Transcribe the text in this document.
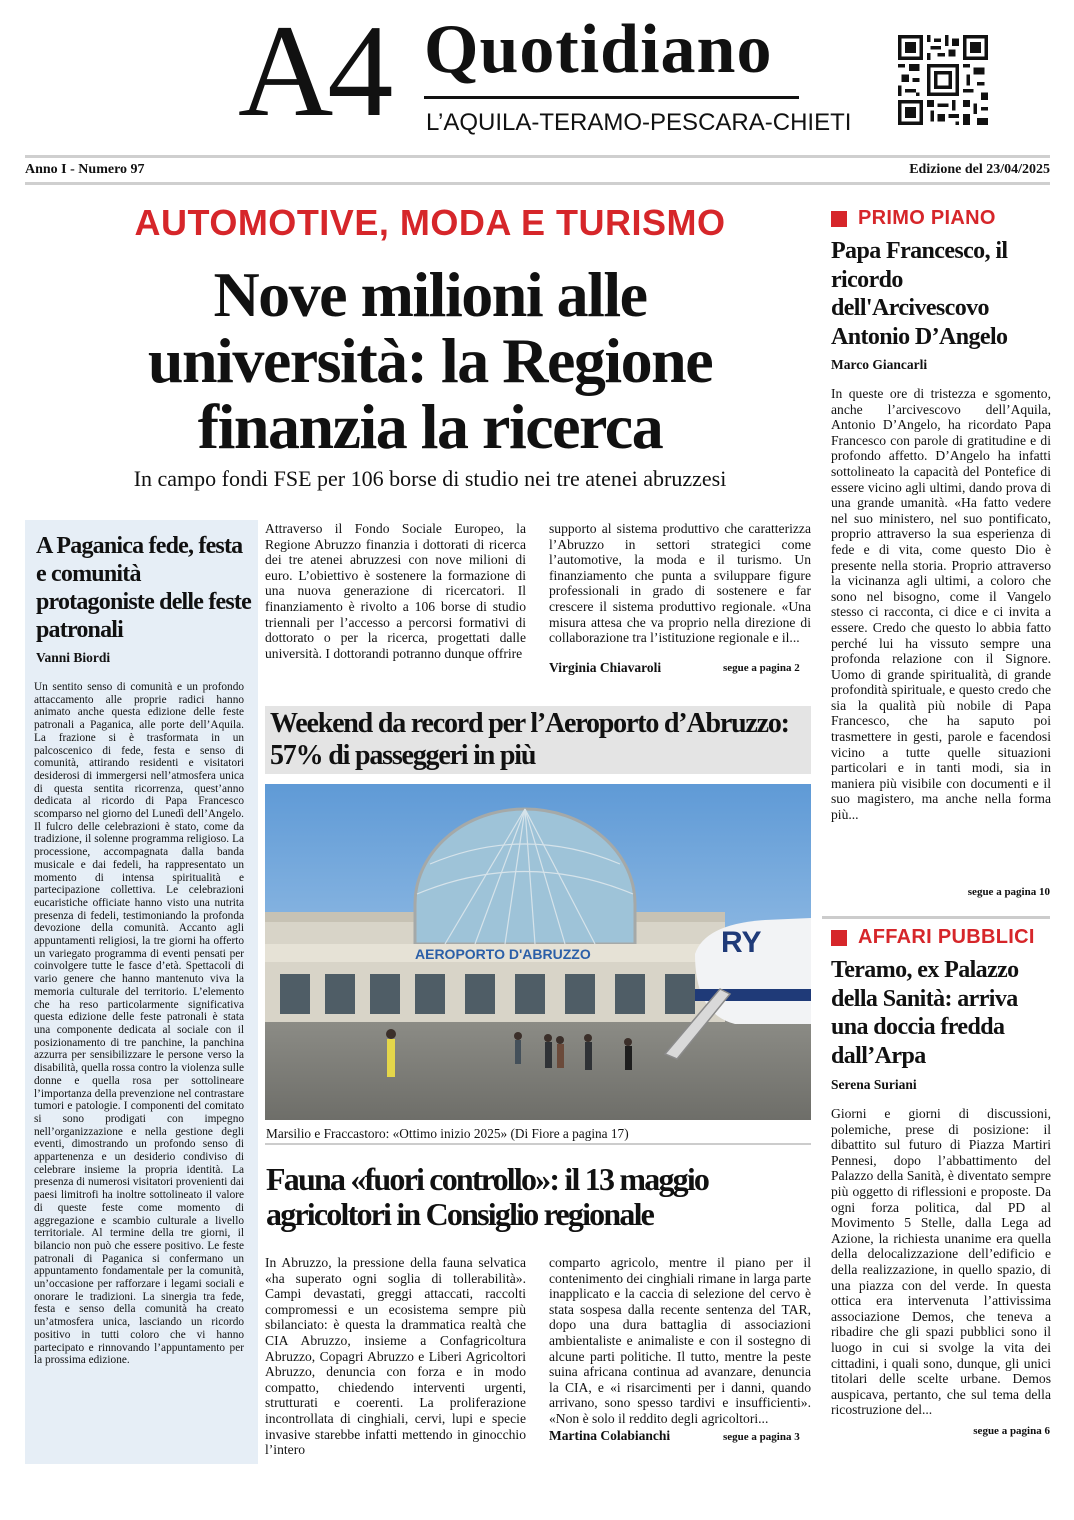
A4 Quotidiano
L’AQUILA-TERAMO-PESCARA-CHIETI
Anno I - Numero 97	Edizione del 23/04/2025
AUTOMOTIVE, MODA E TURISMO
Nove milioni alle università: la Regione finanzia la ricerca
In campo fondi FSE per 106 borse di studio nei tre atenei abruzzesi
Attraverso il Fondo Sociale Europeo, la Regione Abruzzo finanzia i dottorati di ricerca dei tre atenei abruzzesi con nove milioni di euro. L’obiettivo è sostenere la formazione di una nuova generazione di ricercatori. Il finanziamento è rivolto a 106 borse di studio triennali per l’accesso a percorsi formativi di dottorato o per la ricerca, progettati dalle università. I dottorandi potranno dunque offrire
supporto al sistema produttivo che caratterizza l’Abruzzo in settori strategici come l’automotive, la moda e il turismo. Un finanziamento che punta a sviluppare figure professionali in grado di sostenere e far crescere il sistema produttivo regionale. «Una misura attesa che va proprio nella direzione di collaborazione tra l’istituzione regionale e il...
Virginia Chiavaroli	segue a pagina 2
A Paganica fede, festa e comunità protagoniste delle feste patronali
Vanni Biordi
Un sentito senso di comunità e un profondo attaccamento alle proprie radici hanno animato anche questa edizione delle feste patronali a Paganica, alle porte dell’Aquila. La frazione si è trasformata in un palcoscenico di fede, festa e senso di comunità, attirando residenti e visitatori desiderosi di immergersi nell’atmosfera unica di questa sentita ricorrenza, quest’anno dedicata al ricordo di Papa Francesco scomparso nel giorno del Lunedì dell’Angelo. Il fulcro delle celebrazioni è stato, come da tradizione, il solenne programma religioso. La processione, accompagnata dalla banda musicale e dai fedeli, ha rappresentato un momento di intensa spiritualità e partecipazione collettiva. Le celebrazioni eucaristiche officiate hanno visto una nutrita presenza di fedeli, testimoniando la profonda devozione della comunità. Accanto agli appuntamenti religiosi, la tre giorni ha offerto un variegato programma di eventi pensati per coinvolgere tutte le fasce d’età. Spettacoli di vario genere che hanno mantenuto viva la memoria culturale del territorio. L’elemento che ha reso particolarmente significativa questa edizione delle feste patronali è stata una componente dedicata al sociale con il posizionamento di tre panchine, la panchina azzurra per sensibilizzare le persone verso la disabilità, quella rossa contro la violenza sulle donne e quella rosa per sottolineare l’importanza della prevenzione nel contrastare tumori e patologie. I componenti del comitato si sono prodigati con impegno nell’organizzazione e nella gestione degli eventi, dimostrando un profondo senso di appartenenza e un desiderio condiviso di celebrare insieme la propria identità. La presenza di numerosi visitatori provenienti dai paesi limitrofi ha inoltre sottolineato il valore di queste feste come momento di aggregazione e scambio culturale a livello territoriale. Al termine della tre giorni, il bilancio non può che essere positivo. Le feste patronali di Paganica si confermano un appuntamento fondamentale per la comunità, un’occasione per rafforzare i legami sociali e onorare le tradizioni. La sinergia tra fede, festa e senso della comunità ha creato un’atmosfera unica, lasciando un ricordo positivo in tutti coloro che vi hanno partecipato e rinnovando l’appuntamento per la prossima edizione.
Weekend da record per l’Aeroporto d’Abruzzo: 57% di passeggeri in più
AEROPORTO D'ABRUZZO	RY
Marsilio e Fraccastoro: «Ottimo inizio 2025» (Di Fiore a pagina 17)
Fauna «fuori controllo»: il 13 maggio agricoltori in Consiglio regionale
In Abruzzo, la pressione della fauna selvatica «ha superato ogni soglia di tollerabilità». Campi devastati, greggi attaccati, raccolti compromessi e un ecosistema sempre più sbilanciato: è questa la drammatica realtà che CIA Abruzzo, insieme a Confagricoltura Abruzzo, Copagri Abruzzo e Liberi Agricoltori Abruzzo, denuncia con forza e in modo compatto, chiedendo interventi urgenti, strutturati e coerenti. La proliferazione incontrollata di cinghiali, cervi, lupi e specie invasive starebbe infatti mettendo in ginocchio l’intero
comparto agricolo, mentre il piano per il contenimento dei cinghiali rimane in larga parte inapplicato e la caccia di selezione del cervo è stata sospesa dalla recente sentenza del TAR, dopo una dura battaglia di associazioni ambientaliste e animaliste e con il sostegno di alcune parti politiche. Il tutto, mentre la peste suina africana continua ad avanzare, denuncia la CIA, e «i risarcimenti per i danni, quando arrivano, sono spesso tardivi e insufficienti». «Non è solo il reddito degli agricoltori...
Martina Colabianchi	segue a pagina 3
PRIMO PIANO
Papa Francesco, il ricordo dell'Arcivescovo Antonio D’Angelo
Marco Giancarli
In queste ore di tristezza e sgomento, anche l’arcivescovo dell’Aquila, Antonio D’Angelo, ha ricordato Papa Francesco con parole di gratitudine e di profondo affetto. D’Angelo ha infatti sottolineato la capacità del Pontefice di essere vicino agli ultimi, dando prova di una grande umanità. «Ha fatto vedere nel suo ministero, nel suo pontificato, proprio attraverso la sua esperienza di fede e di vita, come questo Dio è presente nella storia. Proprio attraverso la vicinanza agli ultimi, a coloro che sono nel bisogno, come il Vangelo stesso ci racconta, ci dice e ci invita a essere. Credo che questo lo abbia fatto perché lui ha vissuto sempre una profonda relazione con il Signore. Uomo di grande spiritualità, di grande profondità spirituale, e questo credo che sia la qualità più nobile di Papa Francesco, che ha saputo poi trasmettere in gesti, parole e facendosi vicino a tutte quelle situazioni particolari e in tanti modi, sia in maniera più visibile con documenti e il suo magistero, ma anche nella forma più...
segue a pagina 10
AFFARI PUBBLICI
Teramo, ex Palazzo della Sanità: arriva una doccia fredda dall’Arpa
Serena Suriani
Giorni e giorni di discussioni, polemiche, prese di posizione: il dibattito sul futuro di Piazza Martiri Pennesi, dopo l’abbattimento del Palazzo della Sanità, è diventato sempre più oggetto di riflessioni e proposte. Da ogni forza politica, dal PD al Movimento 5 Stelle, dalla Lega ad Azione, la richiesta unanime era quella della delocalizzazione dell’edificio e della realizzazione, in quello spazio, di una piazza con del verde. In questa ottica era intervenuta l’attivissima associazione Demos, che teneva a ribadire che gli spazi pubblici sono il luogo in cui si svolge la vita dei cittadini, i quali sono, dunque, gli unici titolari delle scelte urbane. Demos auspicava, pertanto, che sul tema della ricostruzione del...
segue a pagina 6
